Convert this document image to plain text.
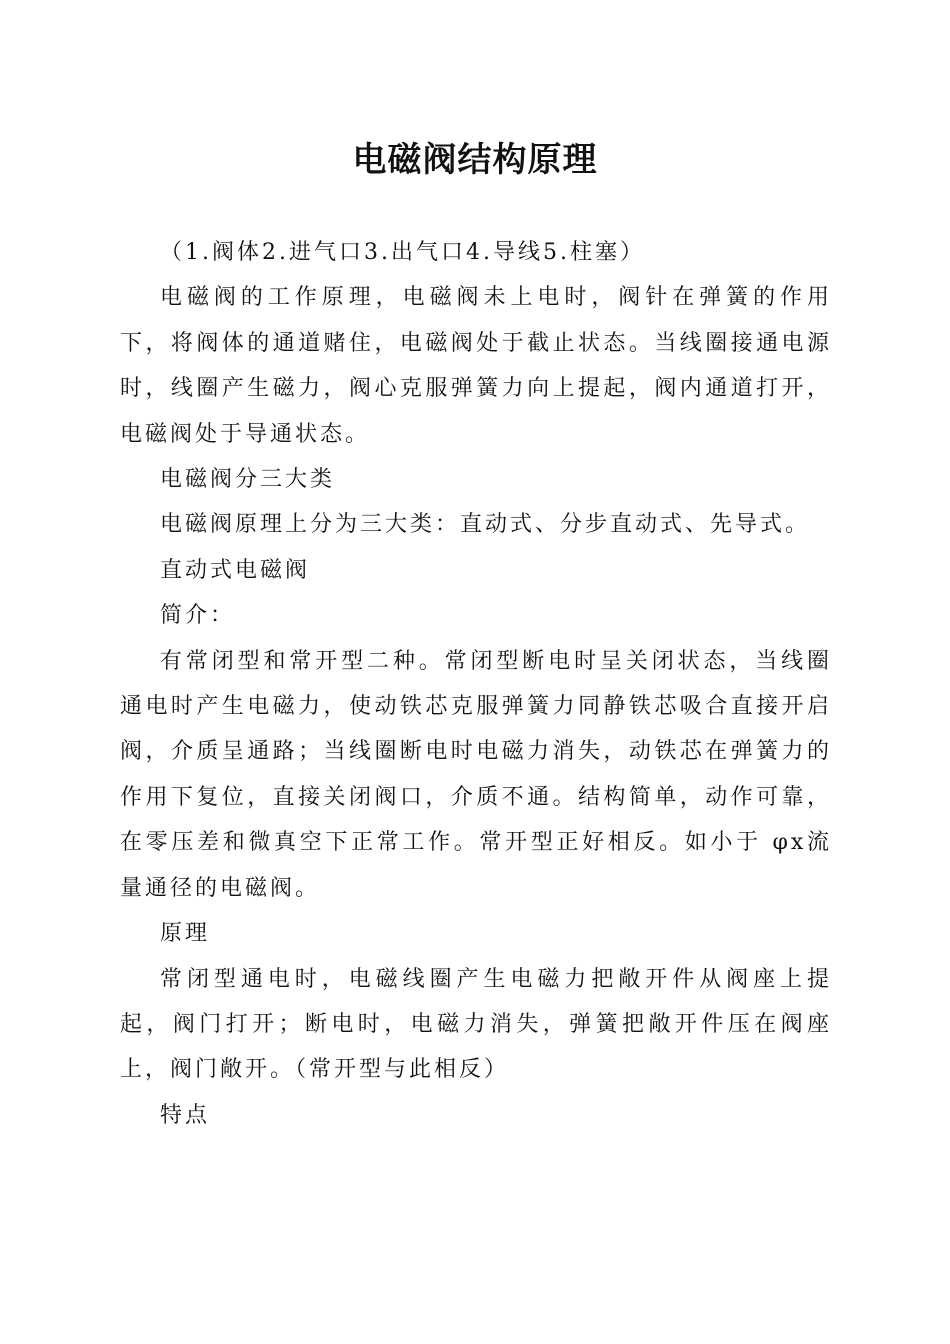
电磁阀结构原理

（1.阀体2.进气口3.出气口4.导线5.柱塞）

电磁阀的工作原理，电磁阀未上电时，阀针在弹簧的作用下，将阀体的通道赌住，电磁阀处于截止状态。当线圈接通电源时，线圈产生磁力，阀心克服弹簧力向上提起，阀内通道打开，电磁阀处于导通状态。

电磁阀分三大类

电磁阀原理上分为三大类：直动式、分步直动式、先导式。

直动式电磁阀

简介：

有常闭型和常开型二种。常闭型断电时呈关闭状态，当线圈通电时产生电磁力，使动铁芯克服弹簧力同静铁芯吸合直接开启阀，介质呈通路；当线圈断电时电磁力消失，动铁芯在弹簧力的作用下复位，直接关闭阀口，介质不通。结构简单，动作可靠，在零压差和微真空下正常工作。常开型正好相反。如小于 φx流量通径的电磁阀。

原理

常闭型通电时，电磁线圈产生电磁力把敞开件从阀座上提起，阀门打开；断电时，电磁力消失，弹簧把敞开件压在阀座上，阀门敞开。（常开型与此相反）

特点
